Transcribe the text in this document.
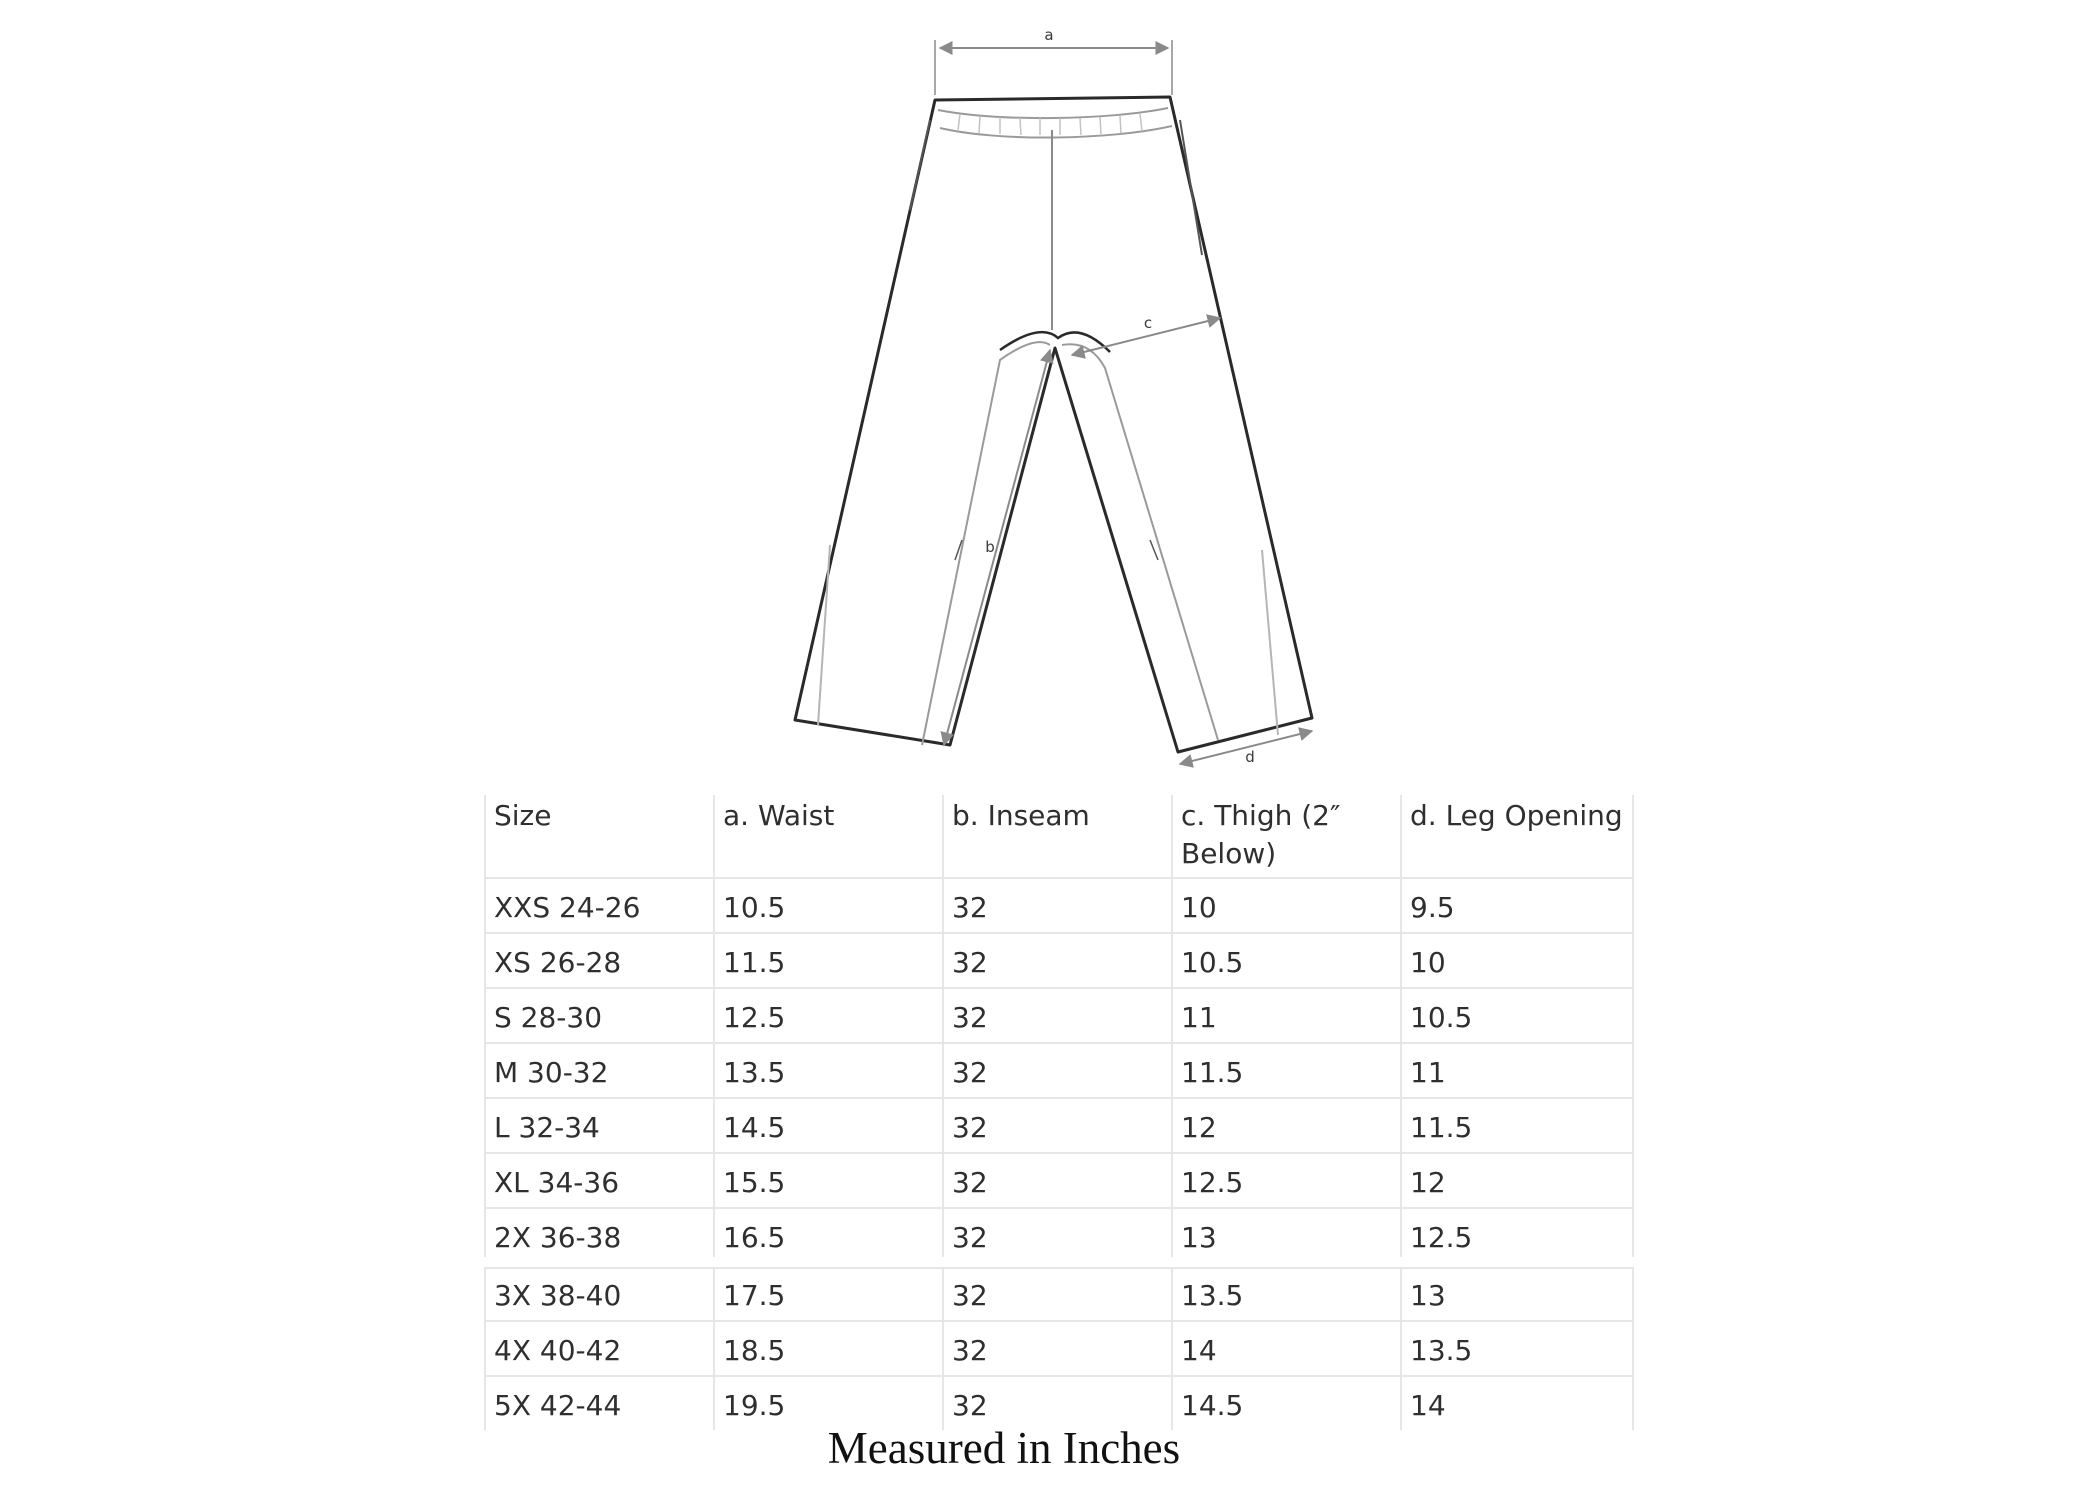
a
b
c
d
Size	a. Waist	b. Inseam	c. Thigh (2″ Below)	d. Leg Opening
XXS 24-26	10.5	32	10	9.5
XS 26-28	11.5	32	10.5	10
S 28-30	12.5	32	11	10.5
M 30-32	13.5	32	11.5	11
L 32-34	14.5	32	12	11.5
XL 34-36	15.5	32	12.5	12
2X 36-38	16.5	32	13	12.5
3X 38-40	17.5	32	13.5	13
4X 40-42	18.5	32	14	13.5
5X 42-44	19.5	32	14.5	14
Measured in Inches
